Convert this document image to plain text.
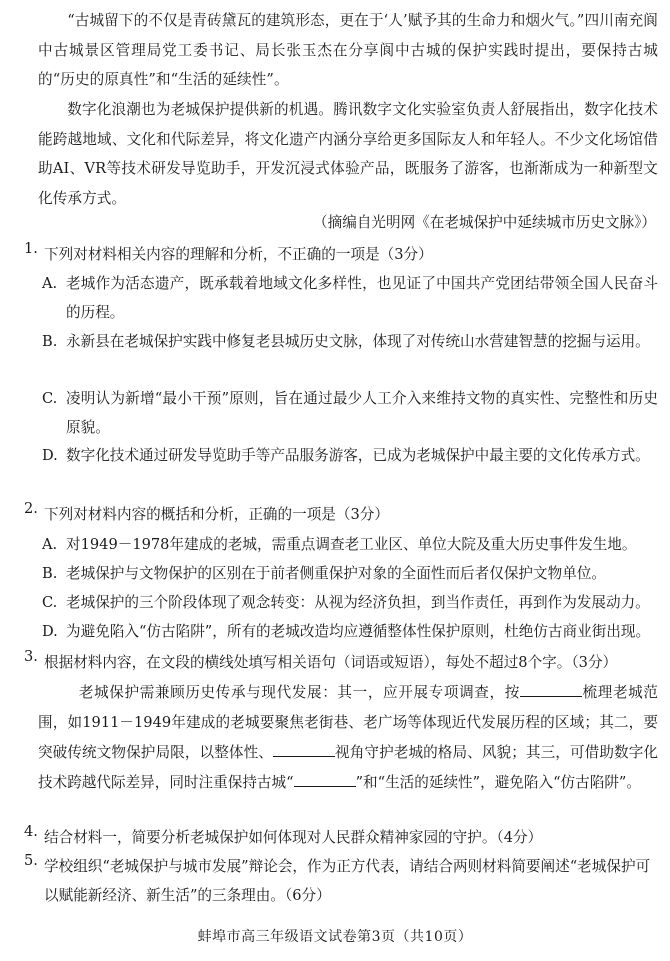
“古城留下的不仅是青砖黛瓦的建筑形态，更在于‘人’赋予其的生命力和烟火气。”四川南充阆中古城景区管理局党工委书记、局长张玉杰在分享阆中古城的保护实践时提出，要保持古城的“历史的原真性”和“生活的延续性”。

数字化浪潮也为老城保护提供新的机遇。腾讯数字文化实验室负责人舒展指出，数字化技术能跨越地域、文化和代际差异，将文化遗产内涵分享给更多国际友人和年轻人。不少文化场馆借助AI、VR等技术研发导览助手，开发沉浸式体验产品，既服务了游客，也渐渐成为一种新型文化传承方式。

（摘编自光明网《在老城保护中延续城市历史文脉》）
1. 下列对材料相关内容的理解和分析，不正确的一项是（3分）
A. 老城作为活态遗产，既承载着地域文化多样性，也见证了中国共产党团结带领全国人民奋斗的历程。
B. 永新县在老城保护实践中修复老县城历史文脉，体现了对传统山水营建智慧的挖掘与运用。
C. 凌明认为新增“最小干预”原则，旨在通过最少人工介入来维持文物的真实性、完整性和历史原貌。
D. 数字化技术通过研发导览助手等产品服务游客，已成为老城保护中最主要的文化传承方式。
2. 下列对材料内容的概括和分析，正确的一项是（3分）
A. 对1949－1978年建成的老城，需重点调查老工业区、单位大院及重大历史事件发生地。
B. 老城保护与文物保护的区别在于前者侧重保护对象的全面性而后者仅保护文物单位。
C. 老城保护的三个阶段体现了观念转变：从视为经济负担，到当作责任，再到作为发展动力。
D. 为避免陷入“仿古陷阱”，所有的老城改造均应遵循整体性保护原则，杜绝仿古商业街出现。
3. 根据材料内容，在文段的横线处填写相关语句（词语或短语），每处不超过8个字。（3分）
老城保护需兼顾历史传承与现代发展：其一，应开展专项调查，按	梳理老城范围，如1911－1949年建成的老城要聚焦老街巷、老广场等体现近代发展历程的区域；其二，要突破传统文物保护局限，以整体性、	视角守护老城的格局、风貌；其三，可借助数字化技术跨越代际差异，同时注重保持古城“	”和“生活的延续性”，避免陷入“仿古陷阱”。
4. 结合材料一，简要分析老城保护如何体现对人民群众精神家园的守护。（4分）
5. 学校组织“老城保护与城市发展”辩论会，作为正方代表，请结合两则材料简要阐述“老城保护可以赋能新经济、新生活”的三条理由。（6分）
蚌埠市高三年级语文试卷第3页（共10页）
